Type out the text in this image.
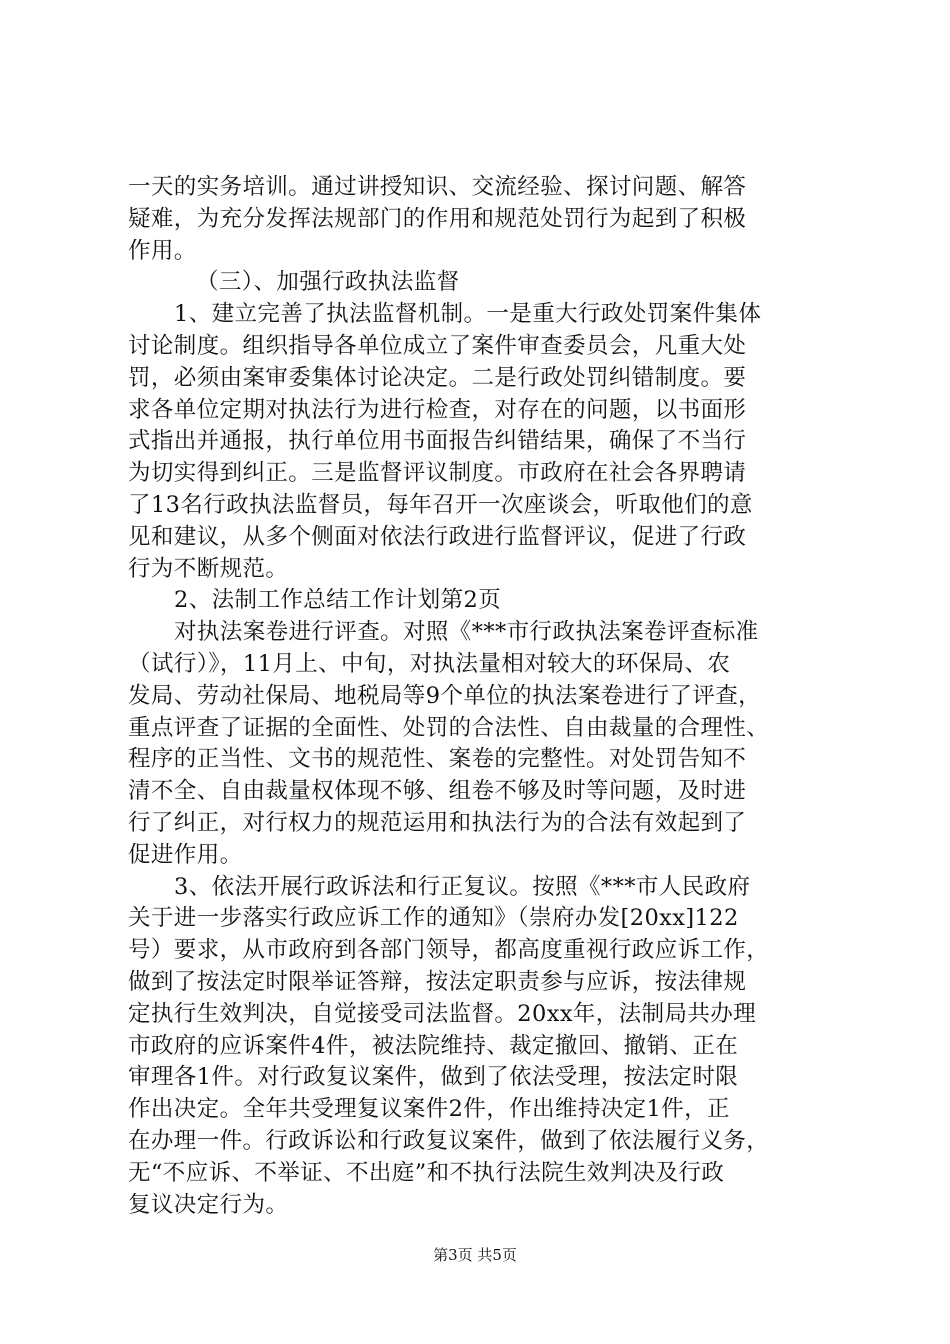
一天的实务培训。通过讲授知识、交流经验、探讨问题、解答
疑难，为充分发挥法规部门的作用和规范处罚行为起到了积极
作用。
（三）、加强行政执法监督
1、建立完善了执法监督机制。一是重大行政处罚案件集体
讨论制度。组织指导各单位成立了案件审查委员会，凡重大处
罚，必须由案审委集体讨论决定。二是行政处罚纠错制度。要
求各单位定期对执法行为进行检查，对存在的问题，以书面形
式指出并通报，执行单位用书面报告纠错结果，确保了不当行
为切实得到纠正。三是监督评议制度。市政府在社会各界聘请
了13名行政执法监督员，每年召开一次座谈会，听取他们的意
见和建议，从多个侧面对依法行政进行监督评议，促进了行政
行为不断规范。
2、法制工作总结工作计划第2页
对执法案卷进行评查。对照《***市行政执法案卷评查标准
（试行）》，11月上、中旬，对执法量相对较大的环保局、农
发局、劳动社保局、地税局等9个单位的执法案卷进行了评查，
重点评查了证据的全面性、处罚的合法性、自由裁量的合理性、
程序的正当性、文书的规范性、案卷的完整性。对处罚告知不
清不全、自由裁量权体现不够、组卷不够及时等问题，及时进
行了纠正，对行权力的规范运用和执法行为的合法有效起到了
促进作用。
3、依法开展行政诉法和行正复议。按照《***市人民政府
关于进一步落实行政应诉工作的通知》（崇府办发[20xx]122
号）要求，从市政府到各部门领导，都高度重视行政应诉工作，
做到了按法定时限举证答辩，按法定职责参与应诉，按法律规
定执行生效判决，自觉接受司法监督。20xx年，法制局共办理
市政府的应诉案件4件，被法院维持、裁定撤回、撤销、正在
审理各1件。对行政复议案件，做到了依法受理，按法定时限
作出决定。全年共受理复议案件2件，作出维持决定1件，正
在办理一件。行政诉讼和行政复议案件，做到了依法履行义务，
无“不应诉、不举证、不出庭”和不执行法院生效判决及行政
复议决定行为。
第3页 共5页
